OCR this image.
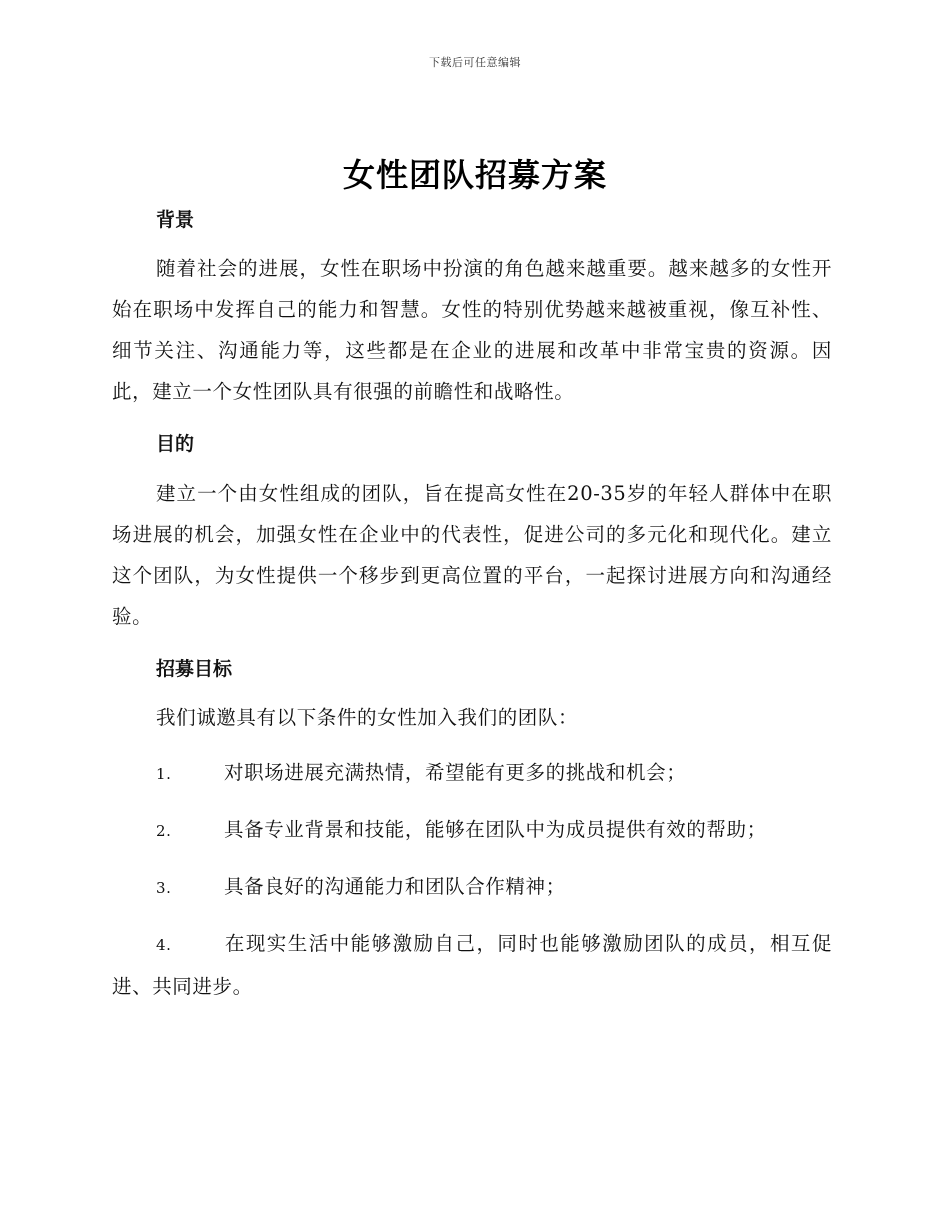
下载后可任意编辑
女性团队招募方案

背景

随着社会的进展，女性在职场中扮演的角色越来越重要。越来越多的女性开始在职场中发挥自己的能力和智慧。女性的特别优势越来越被重视，像互补性、细节关注、沟通能力等，这些都是在企业的进展和改革中非常宝贵的资源。因此，建立一个女性团队具有很强的前瞻性和战略性。

目的

建立一个由女性组成的团队，旨在提高女性在20-35岁的年轻人群体中在职场进展的机会，加强女性在企业中的代表性，促进公司的多元化和现代化。建立这个团队，为女性提供一个移步到更高位置的平台，一起探讨进展方向和沟通经验。

招募目标

我们诚邀具有以下条件的女性加入我们的团队：

1.	对职场进展充满热情，希望能有更多的挑战和机会；
2.	具备专业背景和技能，能够在团队中为成员提供有效的帮助；
3.	具备良好的沟通能力和团队合作精神；
4.	在现实生活中能够激励自己，同时也能够激励团队的成员，相互促进、共同进步。
